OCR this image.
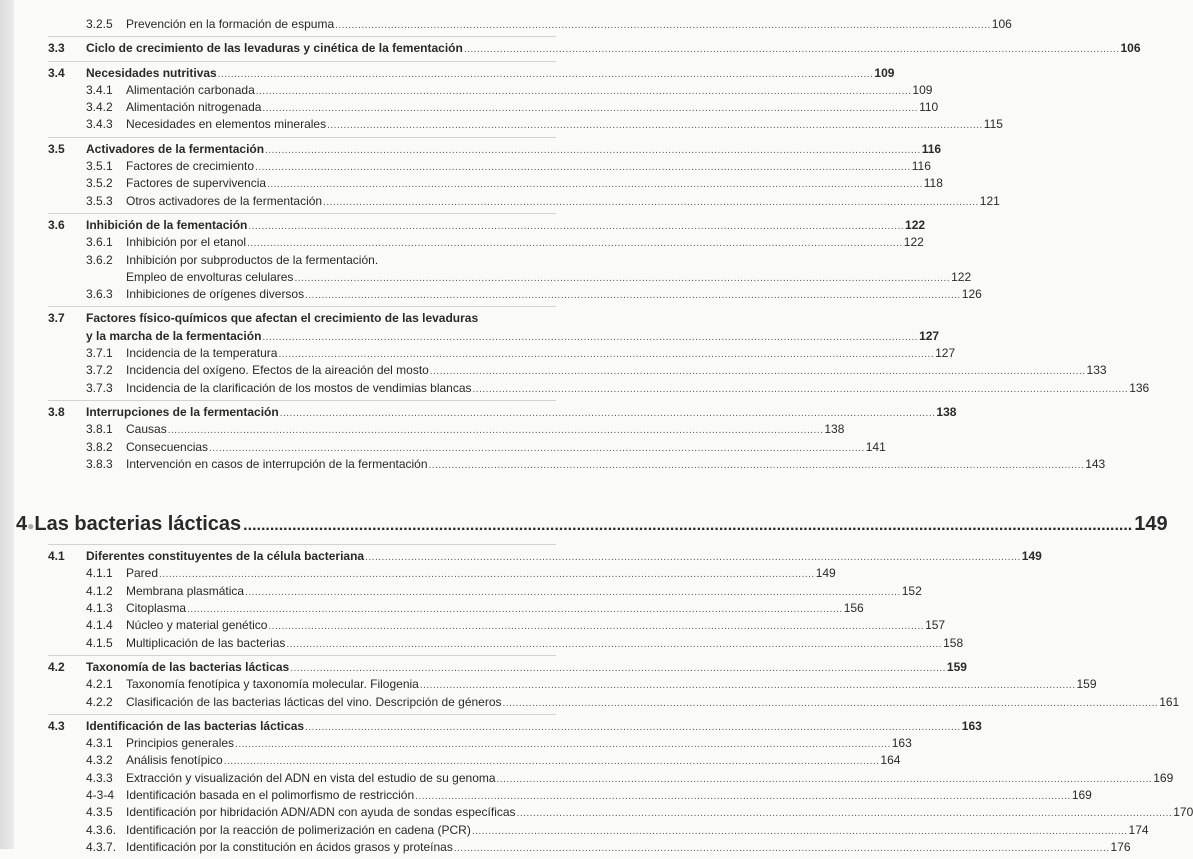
3.2.5	Prevención en la formación de espuma ........................................................................................................................................................................................................ 106
3.3	Ciclo de crecimiento de las levaduras y cinética de la fementación ........................................................................................................................................................................................................ 106
3.4	Necesidades nutritivas ........................................................................................................................................................................................................ 109
3.4.1	Alimentación carbonada ........................................................................................................................................................................................................ 109
3.4.2	Alimentación nitrogenada ........................................................................................................................................................................................................ 110
3.4.3	Necesidades en elementos minerales ........................................................................................................................................................................................................ 115
3.5	Activadores de la fermentación ........................................................................................................................................................................................................ 116
3.5.1	Factores de crecimiento ........................................................................................................................................................................................................ 116
3.5.2	Factores de supervivencia ........................................................................................................................................................................................................ 118
3.5.3	Otros activadores de la fermentación ........................................................................................................................................................................................................ 121
3.6	Inhibición de la fementación ........................................................................................................................................................................................................ 122
3.6.1	Inhibición por el etanol ........................................................................................................................................................................................................ 122
3.6.2	Inhibición por subproductos de la fermentación.
Empleo de envolturas celulares ........................................................................................................................................................................................................ 122
3.6.3	Inhibiciones de orígenes diversos ........................................................................................................................................................................................................ 126
3.7	Factores físico-químicos que afectan el crecimiento de las levaduras
y la marcha de la fermentación ........................................................................................................................................................................................................ 127
3.7.1	Incidencia de la temperatura ........................................................................................................................................................................................................ 127
3.7.2	Incidencia del oxígeno. Efectos de la aireación del mosto ........................................................................................................................................................................................................ 133
3.7.3	Incidencia de la clarificación de los mostos de vendimias blancas ........................................................................................................................................................................................................ 136
3.8	Interrupciones de la fermentación ........................................................................................................................................................................................................ 138
3.8.1	Causas ........................................................................................................................................................................................................ 138
3.8.2	Consecuencias ........................................................................................................................................................................................................ 141
3.8.3	Intervención en casos de interrupción de la fermentación ........................................................................................................................................................................................................ 143
4 ● Las bacterias lácticas ........................................................................................................................................................................................................ 149
4.1	Diferentes constituyentes de la célula bacteriana ........................................................................................................................................................................................................ 149
4.1.1	Pared ........................................................................................................................................................................................................ 149
4.1.2	Membrana plasmática ........................................................................................................................................................................................................ 152
4.1.3	Citoplasma ........................................................................................................................................................................................................ 156
4.1.4	Núcleo y material genético ........................................................................................................................................................................................................ 157
4.1.5	Multiplicación de las bacterias ........................................................................................................................................................................................................ 158
4.2	Taxonomía de las bacterias lácticas ........................................................................................................................................................................................................ 159
4.2.1	Taxonomía fenotípica y taxonomía molecular. Filogenia ........................................................................................................................................................................................................ 159
4.2.2	Clasificación de las bacterias lácticas del vino. Descripción de géneros ........................................................................................................................................................................................................ 161
4.3	Identificación de las bacterias lácticas ........................................................................................................................................................................................................ 163
4.3.1	Principios generales ........................................................................................................................................................................................................ 163
4.3.2	Análisis fenotípico ........................................................................................................................................................................................................ 164
4.3.3	Extracción y visualización del ADN en vista del estudio de su genoma ........................................................................................................................................................................................................ 169
4-3-4 Identificación basada en el polimorfismo de restricción ........................................................................................................................................................................................................ 169
4.3.5	Identificación por hibridación ADN/ADN con ayuda de sondas específicas ........................................................................................................................................................................................................ 170
4.3.6. Identificación por la reacción de polimerización en cadena (PCR) ........................................................................................................................................................................................................ 174
4.3.7. Identificación por la constitución en ácidos grasos y proteínas ........................................................................................................................................................................................................ 176
